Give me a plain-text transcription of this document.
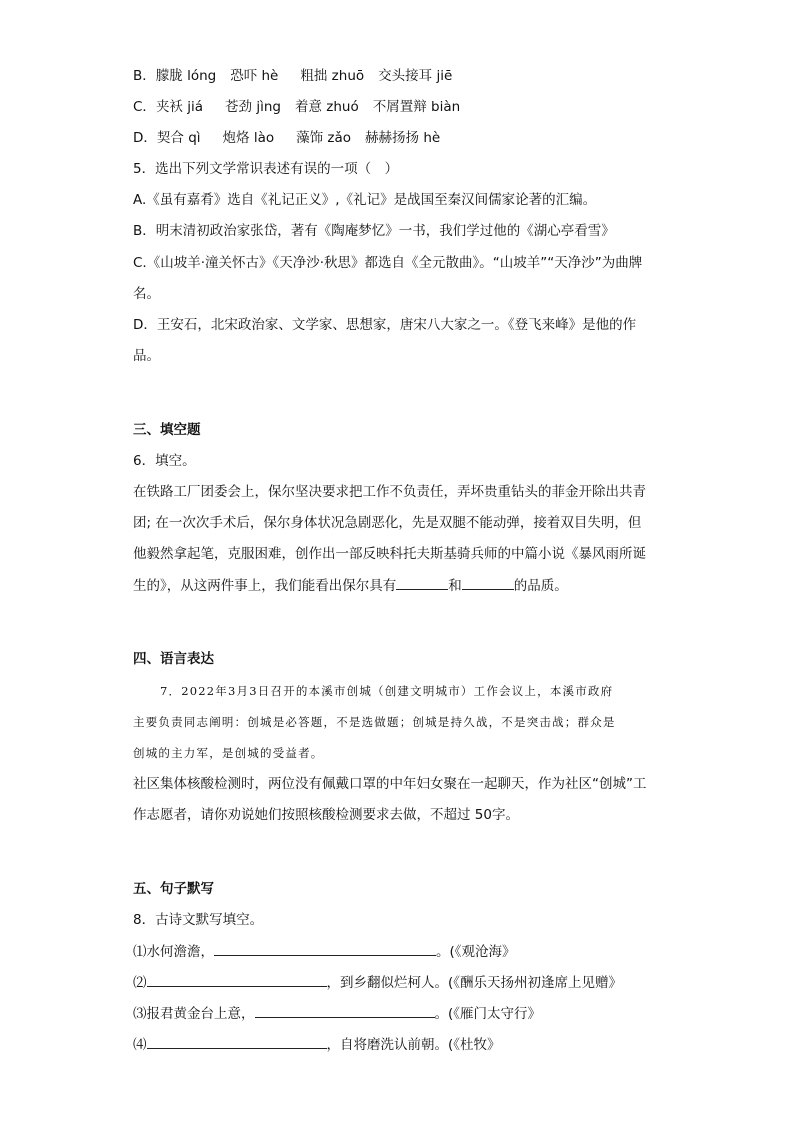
B．朦胧 lóng 恐吓 hè 粗拙 zhuō 交头接耳 jiē
C．夹袄 jiá 苍劲 jìng 着意 zhuó 不屑置辩 biàn
D．契合 qì 炮烙 lào 藻饰 zǎo 赫赫扬扬 hè
5．选出下列文学常识表述有误的一项（　）
A.《虽有嘉肴》选自《礼记正义》,《礼记》是战国至秦汉间儒家论著的汇编。
B．明末清初政治家张岱，著有《陶庵梦忆》一书，我们学过他的《湖心亭看雪》
C.《山坡羊·潼关怀古》《天净沙·秋思》都选自《全元散曲》。“山坡羊”“天净沙”为曲牌
名。
D．王安石，北宋政治家、文学家、思想家，唐宋八大家之一。《登飞来峰》是他的作
品。
三、填空题
6．填空。
在铁路工厂团委会上，保尔坚决要求把工作不负责任，弄坏贵重钻头的菲金开除出共青
团; 在一次次手术后，保尔身体状况急剧恶化，先是双腿不能动弹，接着双目失明，但
他毅然拿起笔，克服困难，创作出一部反映科托夫斯基骑兵师的中篇小说《暴风雨所诞
生的》，从这两件事上，我们能看出保尔具有	和	的品质。
四、语言表达
7．2022年3月3日召开的本溪市创城（创建文明城市）工作会议上，本溪市政府
主要负责同志阐明：创城是必答题，不是选做题；创城是持久战，不是突击战；群众是
创城的主力军，是创城的受益者。
社区集体核酸检测时，两位没有佩戴口罩的中年妇女聚在一起聊天，作为社区“创城”工
作志愿者，请你劝说她们按照核酸检测要求去做，不超过 50字。
五、句子默写
8．古诗文默写填空。
⑴水何澹澹，	。(《观沧海》
⑵	，到乡翻似烂柯人。(《酬乐天扬州初逢席上见赠》
⑶报君黄金台上意，	。(《雁门太守行》
⑷	，自将磨洗认前朝。(《杜牧》
